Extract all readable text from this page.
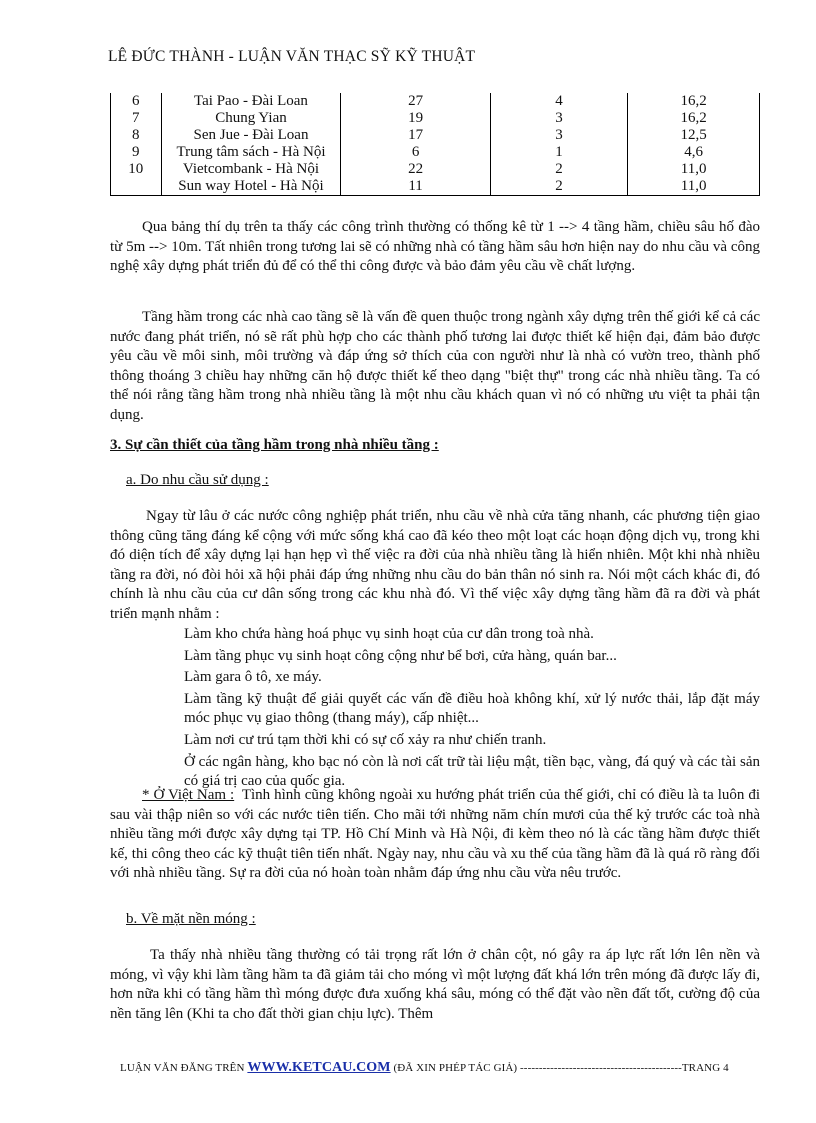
LÊ ĐỨC THÀNH - LUẬN VĂN THẠC SỸ KỸ THUẬT
6	Tai Pao - Đài Loan	27	4	16,2
7	Chung Yian	19	3	16,2
8	Sen Jue - Đài Loan	17	3	12,5
9	Trung tâm sách - Hà Nội	6	1	4,6
10	Vietcombank - Hà Nội	22	2	11,0
	Sun way Hotel - Hà Nội	11	2	11,0

Qua bảng thí dụ trên ta thấy các công trình thường có thống kê từ 1 --> 4 tầng hầm, chiều sâu hố đào từ 5m --> 10m. Tất nhiên trong tương lai sẽ có những nhà có tầng hầm sâu hơn hiện nay do nhu cầu và công nghệ xây dựng phát triển đủ để có thể thi công được và bảo đảm yêu cầu về chất lượng.

Tầng hầm trong các nhà cao tầng sẽ là vấn đề quen thuộc trong ngành xây dựng trên thế giới kể cả các nước đang phát triển, nó sẽ rất phù hợp cho các thành phố tương lai được thiết kế hiện đại, đảm bảo được yêu cầu về môi sinh, môi trường và đáp ứng sở thích của con người như là nhà có vườn treo, thành phố thông thoáng 3 chiều hay những căn hộ được thiết kế theo dạng "biệt thự" trong các nhà nhiều tầng. Ta có thể nói rằng tầng hầm trong nhà nhiều tầng là một nhu cầu khách quan vì nó có những ưu việt ta phải tận dụng.

3. Sự cần thiết của tầng hầm trong nhà nhiều tầng :

a. Do nhu cầu sử dụng :

Ngay từ lâu ở các nước công nghiệp phát triển, nhu cầu về nhà cửa tăng nhanh, các phương tiện giao thông cũng tăng đáng kể cộng với mức sống khá cao đã kéo theo một loạt các hoạn động dịch vụ, trong khi đó diện tích để xây dựng lại hạn hẹp vì thế việc ra đời của nhà nhiều tầng là hiển nhiên. Một khi nhà nhiều tầng ra đời, nó đòi hỏi xã hội phải đáp ứng những nhu cầu do bản thân nó sinh ra. Nói một cách khác đi, đó chính là nhu cầu của cư dân sống trong các khu nhà đó. Vì thế việc xây dựng tầng hầm đã ra đời và phát triển mạnh nhằm :

Làm kho chứa hàng hoá phục vụ sinh hoạt của cư dân trong toà nhà.
Làm tầng phục vụ sinh hoạt công cộng như bể bơi, cửa hàng, quán bar...
Làm gara ô tô, xe máy.
Làm tầng kỹ thuật để giải quyết các vấn đề điều hoà không khí, xử lý nước thải, lắp đặt máy móc phục vụ giao thông (thang máy), cấp nhiệt...
Làm nơi cư trú tạm thời khi có sự cố xảy ra như chiến tranh.
Ở các ngân hàng, kho bạc nó còn là nơi cất trữ tài liệu mật, tiền bạc, vàng, đá quý và các tài sản có giá trị cao của quốc gia.

* Ở Việt Nam : Tình hình cũng không ngoài xu hướng phát triển của thế giới, chỉ có điều là ta luôn đi sau vài thập niên so với các nước tiên tiến. Cho mãi tới những năm chín mươi của thế kỷ trước các toà nhà nhiều tầng mới được xây dựng tại TP. Hồ Chí Minh và Hà Nội, đi kèm theo nó là các tầng hầm được thiết kế, thi công theo các kỹ thuật tiên tiến nhất. Ngày nay, nhu cầu và xu thế của tầng hầm đã là quá rõ ràng đối với nhà nhiều tầng. Sự ra đời của nó hoàn toàn nhằm đáp ứng nhu cầu vừa nêu trước.

b. Về mặt nền móng :

Ta thấy nhà nhiều tầng thường có tải trọng rất lớn ở chân cột, nó gây ra áp lực rất lớn lên nền và móng, vì vậy khi làm tầng hầm ta đã giảm tải cho móng vì một lượng đất khá lớn trên móng đã được lấy đi, hơn nữa khi có tầng hầm thì móng được đưa xuống khá sâu, móng có thể đặt vào nền đất tốt, cường độ của nền tăng lên (Khi ta cho đất thời gian chịu lực). Thêm

LUẬN VĂN ĐĂNG TRÊN WWW.KETCAU.COM (ĐÃ XIN PHÉP TÁC GIẢ) -------------------------------------------TRANG 4
